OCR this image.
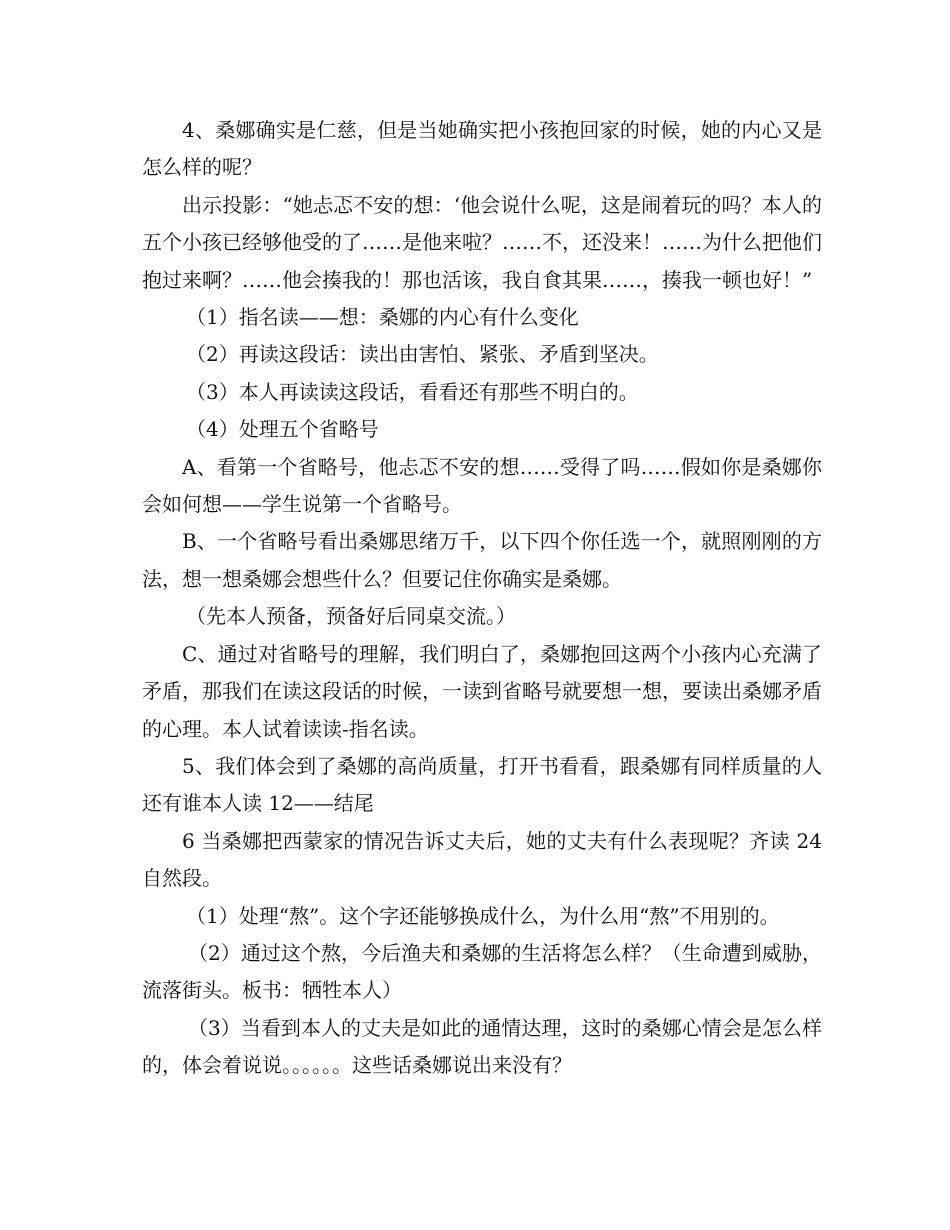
4、桑娜确实是仁慈，但是当她确实把小孩抱回家的时候，她的内心又是怎么样的呢？

出示投影：“她忐忑不安的想：‘他会说什么呢，这是闹着玩的吗？本人的五个小孩已经够他受的了……是他来啦？……不，还没来！……为什么把他们抱过来啊？……他会揍我的！那也活该，我自食其果……，揍我一顿也好！”

（1）指名读——想：桑娜的内心有什么变化

（2）再读这段话：读出由害怕、紧张、矛盾到坚决。

（3）本人再读读这段话，看看还有那些不明白的。

（4）处理五个省略号

A、看第一个省略号，他忐忑不安的想……受得了吗……假如你是桑娜你会如何想——学生说第一个省略号。

B、一个省略号看出桑娜思绪万千，以下四个你任选一个，就照刚刚的方法，想一想桑娜会想些什么？但要记住你确实是桑娜。

（先本人预备，预备好后同桌交流。）

C、通过对省略号的理解，我们明白了，桑娜抱回这两个小孩内心充满了矛盾，那我们在读这段话的时候，一读到省略号就要想一想，要读出桑娜矛盾的心理。本人试着读读-指名读。

5、我们体会到了桑娜的高尚质量，打开书看看，跟桑娜有同样质量的人还有谁本人读 12——结尾

6 当桑娜把西蒙家的情况告诉丈夫后，她的丈夫有什么表现呢？齐读 24 自然段。

（1）处理“熬”。这个字还能够换成什么，为什么用“熬”不用别的。

（2）通过这个熬，今后渔夫和桑娜的生活将怎么样？（生命遭到威胁，流落街头。板书：牺牲本人）

（3）当看到本人的丈夫是如此的通情达理，这时的桑娜心情会是怎么样的，体会着说说。。。。。。这些话桑娜说出来没有？
